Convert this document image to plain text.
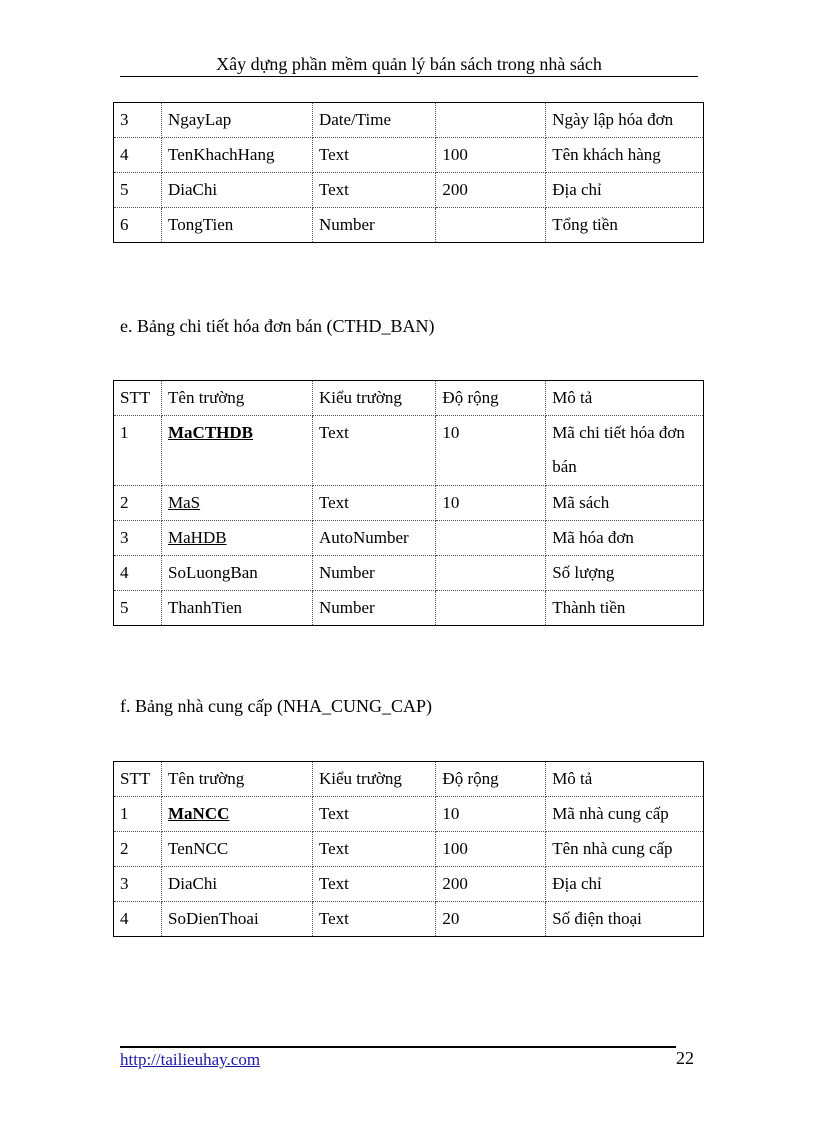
Xây dựng phần mềm quản lý bán sách trong nhà sách
3	NgayLap	Date/Time		Ngày lập hóa đơn
4	TenKhachHang	Text	100	Tên khách hàng
5	DiaChi	Text	200	Địa chỉ
6	TongTien	Number		Tổng tiền
e. Bảng chi tiết hóa đơn bán (CTHD_BAN)
STT	Tên trường	Kiểu trường	Độ rộng	Mô tả
1	MaCTHDB	Text	10	Mã chi tiết hóa đơn bán
2	MaS	Text	10	Mã sách
3	MaHDB	AutoNumber		Mã hóa đơn
4	SoLuongBan	Number		Số lượng
5	ThanhTien	Number		Thành tiền
f. Bảng nhà cung cấp (NHA_CUNG_CAP)
STT	Tên trường	Kiểu trường	Độ rộng	Mô tả
1	MaNCC	Text	10	Mã nhà cung cấp
2	TenNCC	Text	100	Tên nhà cung cấp
3	DiaChi	Text	200	Địa chỉ
4	SoDienThoai	Text	20	Số điện thoại
http://tailieuhay.com	22
